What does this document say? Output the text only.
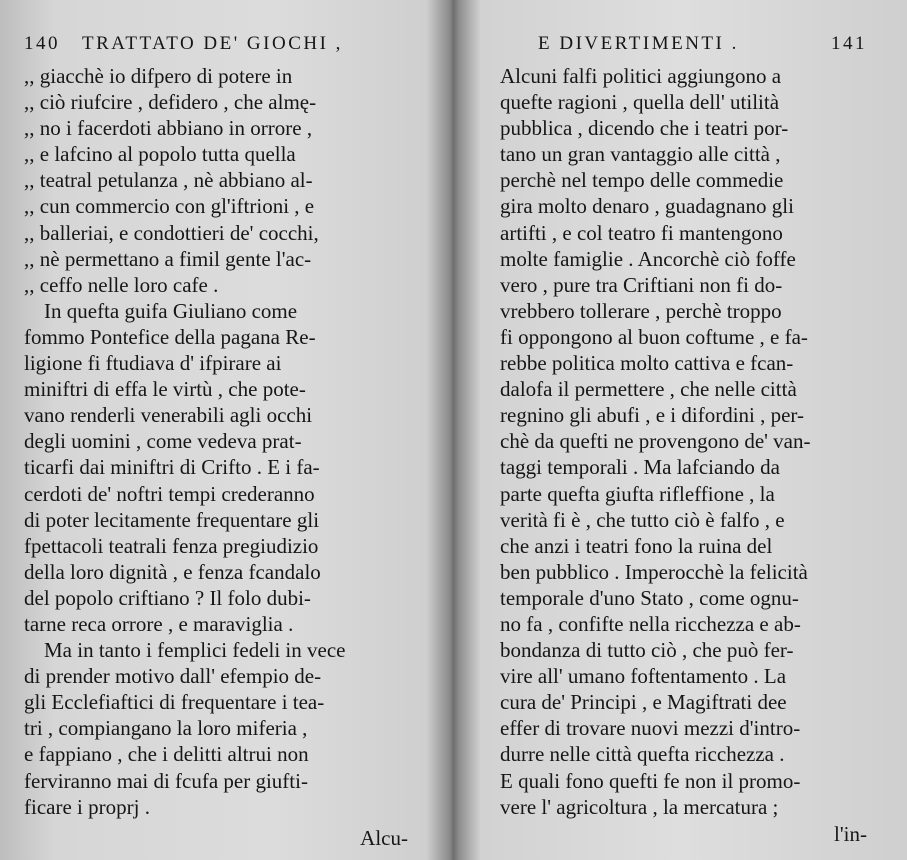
140 TRATTATO DE' GIOCHI ,
,, giacchè io difpero di potere in
,, ciò riufcire , defidero , che almę-
,, no i facerdoti abbiano in orrore ,
,, e lafcino al popolo tutta quella
,, teatral petulanza , nè abbiano al-
,, cun commercio con gl'iftrioni , e
,, balleriai, e condottieri de' cocchi,
,, nè permettano a fimil gente l'ac-
,, ceffo nelle loro cafe .
In quefta guifa Giuliano come
fommo Pontefice della pagana Re-
ligione fi ftudiava d' ifpirare ai
miniftri di effa le virtù , che pote-
vano renderli venerabili agli occhi
degli uomini , come vedeva prat-
ticarfi dai miniftri di Crifto . E i fa-
cerdoti de' noftri tempi crederanno
di poter lecitamente frequentare gli
fpettacoli teatrali fenza pregiudizio
della loro dignità , e fenza fcandalo
del popolo criftiano ? Il folo dubi-
tarne reca orrore , e maraviglia .
Ma in tanto i femplici fedeli in vece
di prender motivo dall' efempio de-
gli Ecclefiaftici di frequentare i tea-
tri , compiangano la loro miferia ,
e fappiano , che i delitti altrui non
ferviranno mai di fcufa per giufti-
ficare i proprj .
Alcu-
E DIVERTIMENTI .	141
Alcuni falfi politici aggiungono a
quefte ragioni , quella dell' utilità
pubblica , dicendo che i teatri por-
tano un gran vantaggio alle città ,
perchè nel tempo delle commedie
gira molto denaro , guadagnano gli
artifti , e col teatro fi mantengono
molte famiglie . Ancorchè ciò foffe
vero , pure tra Criftiani non fi do-
vrebbero tollerare , perchè troppo
fi oppongono al buon coftume , e fa-
rebbe politica molto cattiva e fcan-
dalofa il permettere , che nelle città
regnino gli abufi , e i difordini , per-
chè da quefti ne provengono de' van-
taggi temporali . Ma lafciando da
parte quefta giufta rifleffione , la
verità fi è , che tutto ciò è falfo , e
che anzi i teatri fono la ruina del
ben pubblico . Imperocchè la felicità
temporale d'uno Stato , come ognu-
no fa , confifte nella ricchezza e ab-
bondanza di tutto ciò , che può fer-
vire all' umano foftentamento . La
cura de' Principi , e Magiftrati dee
effer di trovare nuovi mezzi d'intro-
durre nelle città quefta ricchezza .
E quali fono quefti fe non il promo-
vere l' agricoltura , la mercatura ;
l'in-
